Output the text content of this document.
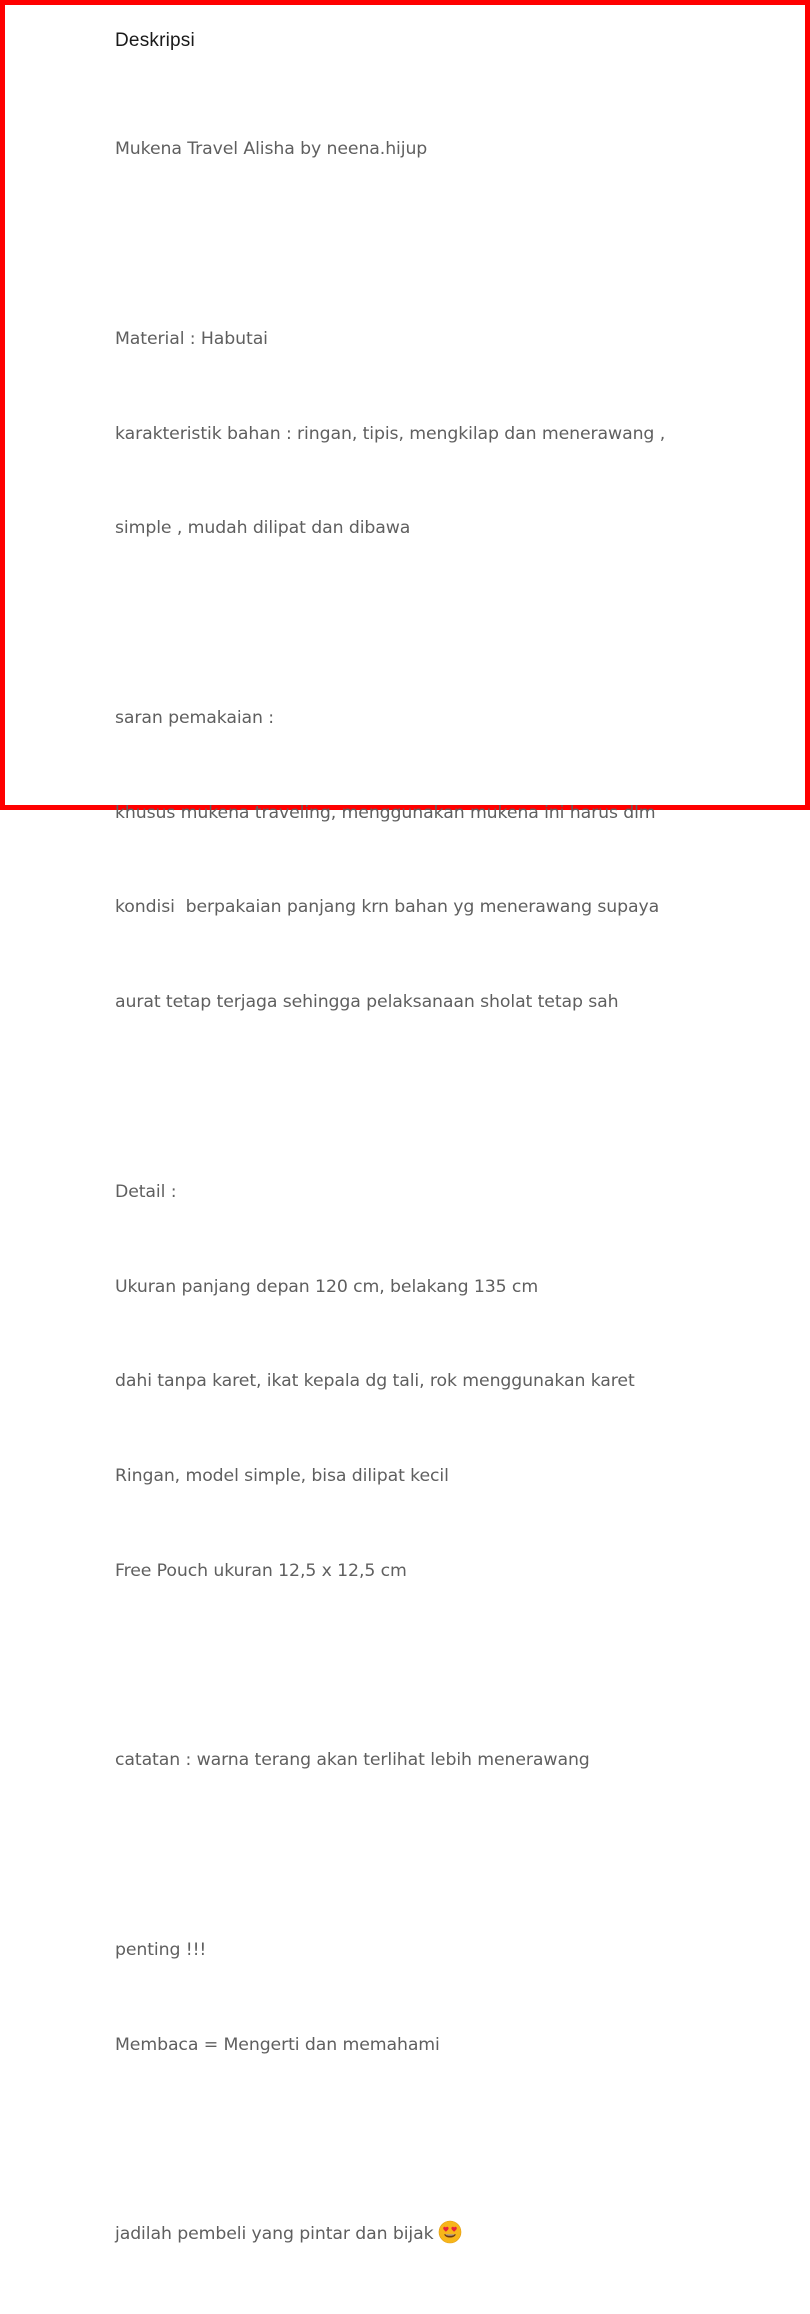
Deskripsi

Mukena Travel Alisha by neena.hijup

Material : Habutai

karakteristik bahan : ringan, tipis, mengkilap dan menerawang ,

simple , mudah dilipat dan dibawa

saran pemakaian :

khusus mukena traveling, menggunakan mukena ini harus dlm

kondisi  berpakaian panjang krn bahan yg menerawang supaya

aurat tetap terjaga sehingga pelaksanaan sholat tetap sah

Detail :

Ukuran panjang depan 120 cm, belakang 135 cm

dahi tanpa karet, ikat kepala dg tali, rok menggunakan karet

Ringan, model simple, bisa dilipat kecil

Free Pouch ukuran 12,5 x 12,5 cm

catatan : warna terang akan terlihat lebih menerawang

penting !!!

Membaca = Mengerti dan memahami

jadilah pembeli yang pintar dan bijak
